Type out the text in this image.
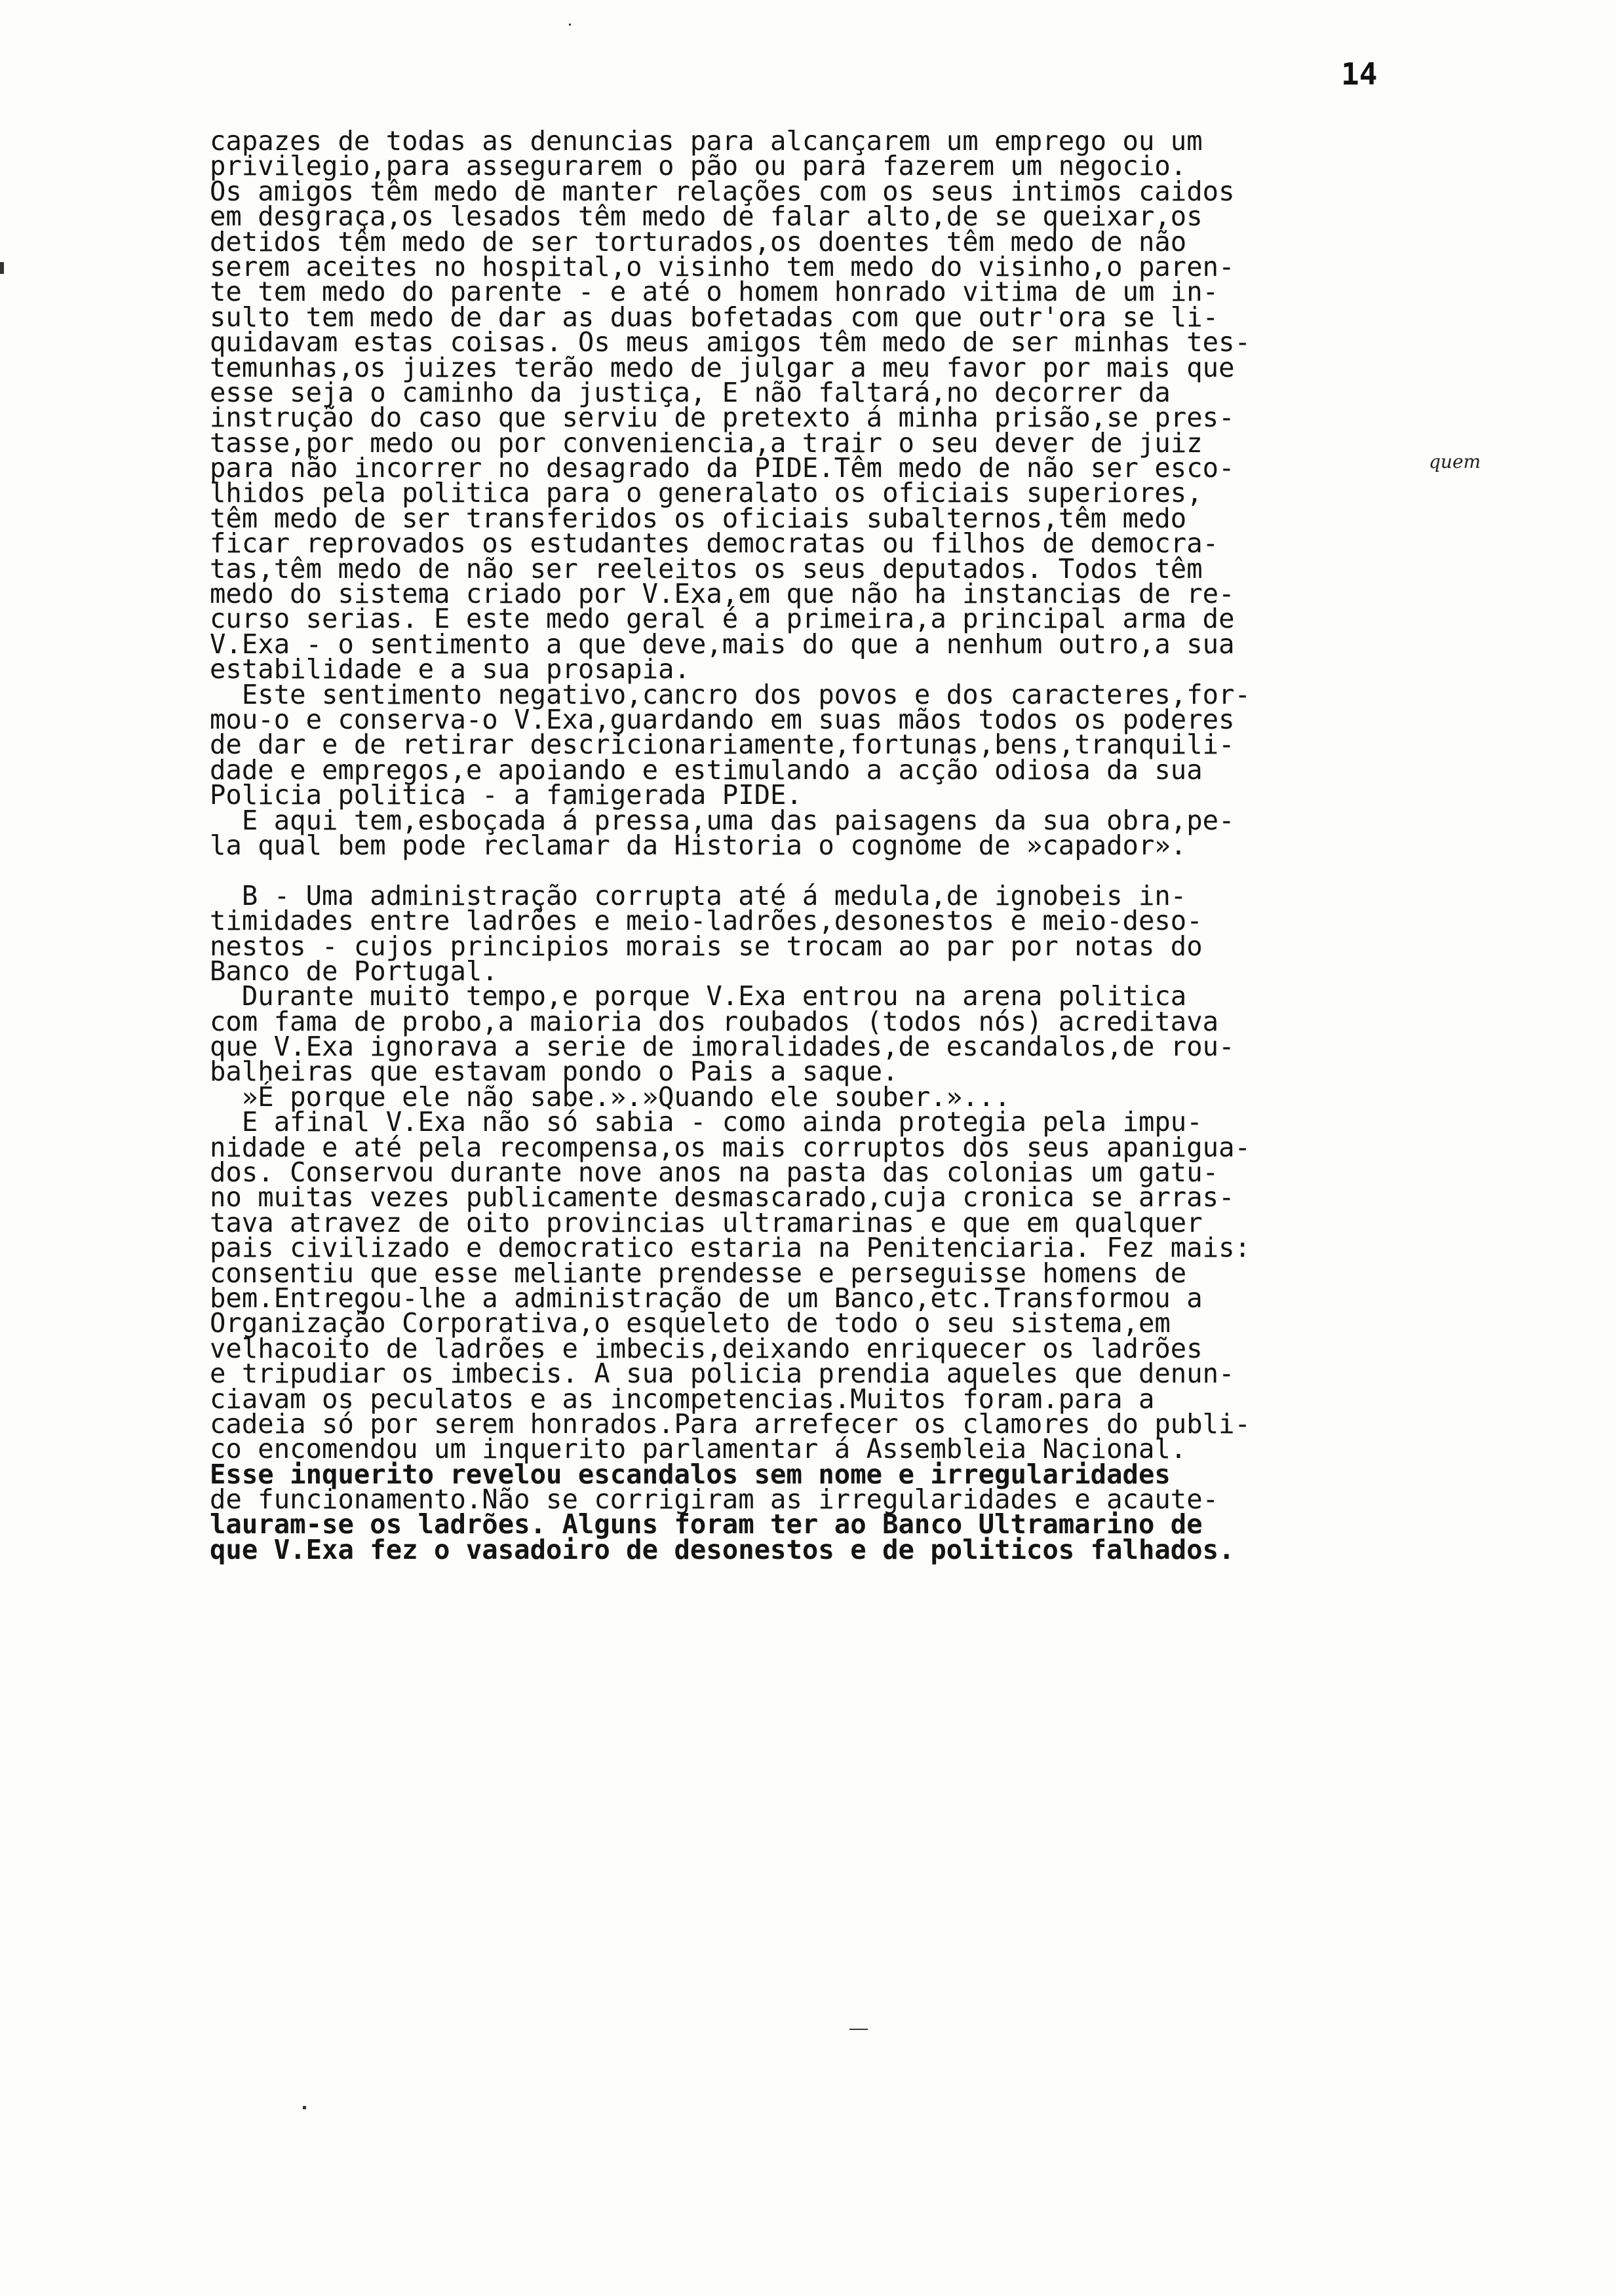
14
quem
capazes de todas as denuncias para alcançarem um emprego ou um
privilegio,para assegurarem o pão ou para fazerem um negocio.
Os amigos têm medo de manter relações com os seus intimos caidos
em desgraça,os lesados têm medo de falar alto,de se queixar,os
detidos têm medo de ser torturados,os doentes têm medo de não
serem aceites no hospital,o visinho tem medo do visinho,o paren-
te tem medo do parente - e até o homem honrado vitima de um in-
sulto tem medo de dar as duas bofetadas com que outr'ora se li-
quidavam estas coisas. Os meus amigos têm medo de ser minhas tes-
temunhas,os juizes terão medo de julgar a meu favor por mais que
esse seja o caminho da justiça, E não faltará,no decorrer da
instrução do caso que serviu de pretexto á minha prisão,se pres-
tasse,por medo ou por conveniencia,a trair o seu dever de juiz
para não incorrer no desagrado da PIDE.Têm medo de não ser esco-
lhidos pela politica para o generalato os oficiais superiores,
têm medo de ser transferidos os oficiais subalternos,têm medo
ficar reprovados os estudantes democratas ou filhos de democra-
tas,têm medo de não ser reeleitos os seus deputados. Todos têm
medo do sistema criado por V.Exa,em que não ha instancias de re-
curso serias. E este medo geral é a primeira,a principal arma de
V.Exa - o sentimento a que deve,mais do que a nenhum outro,a sua
estabilidade e a sua prosapia.
Este sentimento negativo,cancro dos povos e dos caracteres,for-
mou-o e conserva-o V.Exa,guardando em suas mãos todos os poderes
de dar e de retirar descricionariamente,fortunas,bens,tranquili-
dade e empregos,e apoiando e estimulando a acção odiosa da sua
Policia politica - a famigerada PIDE.
E aqui tem,esboçada á pressa,uma das paisagens da sua obra,pe-
la qual bem pode reclamar da Historia o cognome de »capador».
B - Uma administração corrupta até á medula,de ignobeis in-
timidades entre ladrões e meio-ladrões,desonestos e meio-deso-
nestos - cujos principios morais se trocam ao par por notas do
Banco de Portugal.
Durante muito tempo,e porque V.Exa entrou na arena politica
com fama de probo,a maioria dos roubados (todos nós) acreditava
que V.Exa ignorava a serie de imoralidades,de escandalos,de rou-
balheiras que estavam pondo o Pais a saque.
»É porque ele não sabe.».»Quando ele souber.»...
E afinal V.Exa não só sabia - como ainda protegia pela impu-
nidade e até pela recompensa,os mais corruptos dos seus apanigua-
dos. Conservou durante nove anos na pasta das colonias um gatu-
no muitas vezes publicamente desmascarado,cuja cronica se arras-
tava atravez de oito provincias ultramarinas e que em qualquer
pais civilizado e democratico estaria na Penitenciaria. Fez mais:
consentiu que esse meliante prendesse e perseguisse homens de
bem.Entregou-lhe a administração de um Banco,etc.Transformou a
Organização Corporativa,o esqueleto de todo o seu sistema,em
velhacoito de ladrões e imbecis,deixando enriquecer os ladrões
e tripudiar os imbecis. A sua policia prendia aqueles que denun-
ciavam os peculatos e as incompetencias.Muitos foram.para a
cadeia só por serem honrados.Para arrefecer os clamores do publi-
co encomendou um inquerito parlamentar á Assembleia Nacional.
Esse inquerito revelou escandalos sem nome e irregularidades
de funcionamento.Não se corrigiram as irregularidades e acaute-
lauram-se os ladrões. Alguns foram ter ao Banco Ultramarino de
que V.Exa fez o vasadoiro de desonestos e de politicos falhados.
